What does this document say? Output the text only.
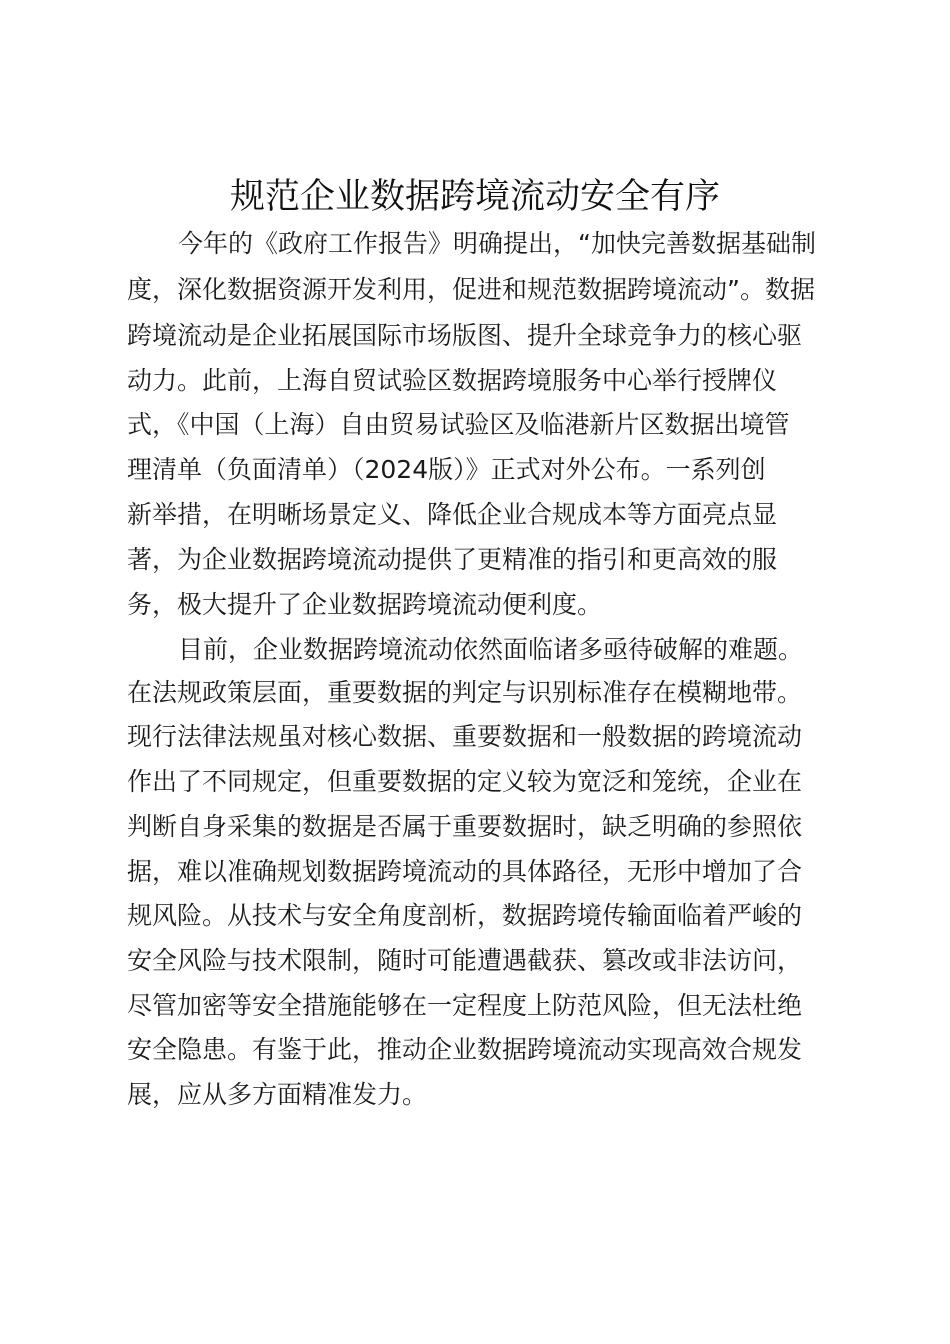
规范企业数据跨境流动安全有序
今年的《政府工作报告》明确提出，“加快完善数据基础制
度，深化数据资源开发利用，促进和规范数据跨境流动”。数据
跨境流动是企业拓展国际市场版图、提升全球竞争力的核心驱
动力。此前，上海自贸试验区数据跨境服务中心举行授牌仪
式，《中国（上海）自由贸易试验区及临港新片区数据出境管
理清单（负面清单）（2024版）》正式对外公布。一系列创
新举措，在明晰场景定义、降低企业合规成本等方面亮点显
著，为企业数据跨境流动提供了更精准的指引和更高效的服
务，极大提升了企业数据跨境流动便利度。
目前，企业数据跨境流动依然面临诸多亟待破解的难题。
在法规政策层面，重要数据的判定与识别标准存在模糊地带。
现行法律法规虽对核心数据、重要数据和一般数据的跨境流动
作出了不同规定，但重要数据的定义较为宽泛和笼统，企业在
判断自身采集的数据是否属于重要数据时，缺乏明确的参照依
据，难以准确规划数据跨境流动的具体路径，无形中增加了合
规风险。从技术与安全角度剖析，数据跨境传输面临着严峻的
安全风险与技术限制，随时可能遭遇截获、篡改或非法访问，
尽管加密等安全措施能够在一定程度上防范风险，但无法杜绝
安全隐患。有鉴于此，推动企业数据跨境流动实现高效合规发
展，应从多方面精准发力。
